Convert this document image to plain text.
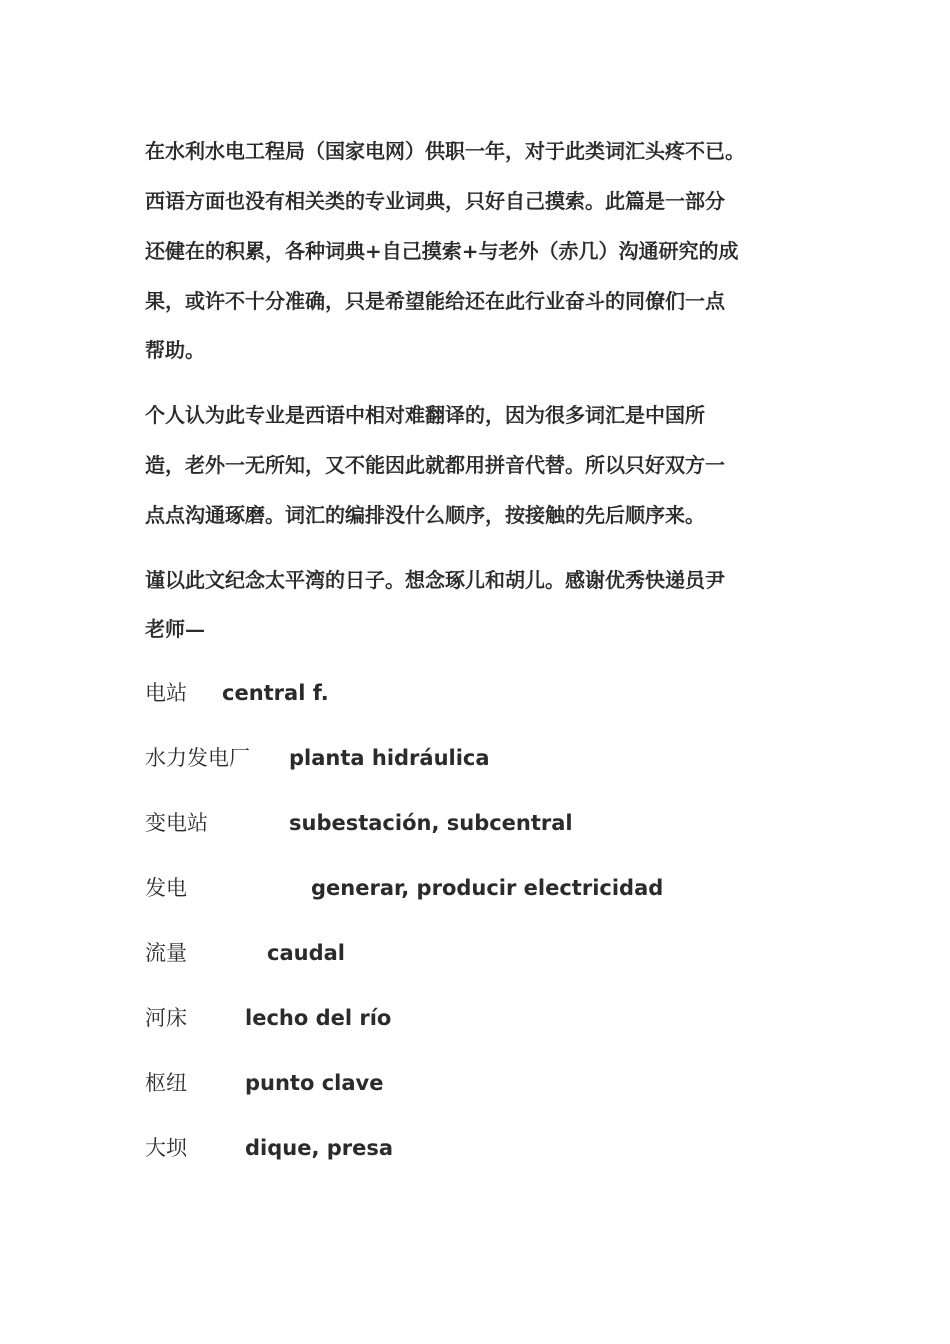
在水利水电工程局（国家电网）供职一年，对于此类词汇头疼不已。
西语方面也没有相关类的专业词典，只好自己摸索。此篇是一部分
还健在的积累，各种词典+自己摸索+与老外（赤几）沟通研究的成
果，或许不十分准确，只是希望能给还在此行业奋斗的同僚们一点
帮助。
个人认为此专业是西语中相对难翻译的，因为很多词汇是中国所
造，老外一无所知，又不能因此就都用拼音代替。所以只好双方一
点点沟通琢磨。词汇的编排没什么顺序，按接触的先后顺序来。
谨以此文纪念太平湾的日子。想念琢儿和胡儿。感谢优秀快递员尹
老师—
电站 central f.
水力发电厂 planta hidráulica
变电站	subestación, subcentral
发电	generar, producir electricidad
流量	caudal
河床	lecho del río
枢纽	punto clave
大坝	dique, presa
